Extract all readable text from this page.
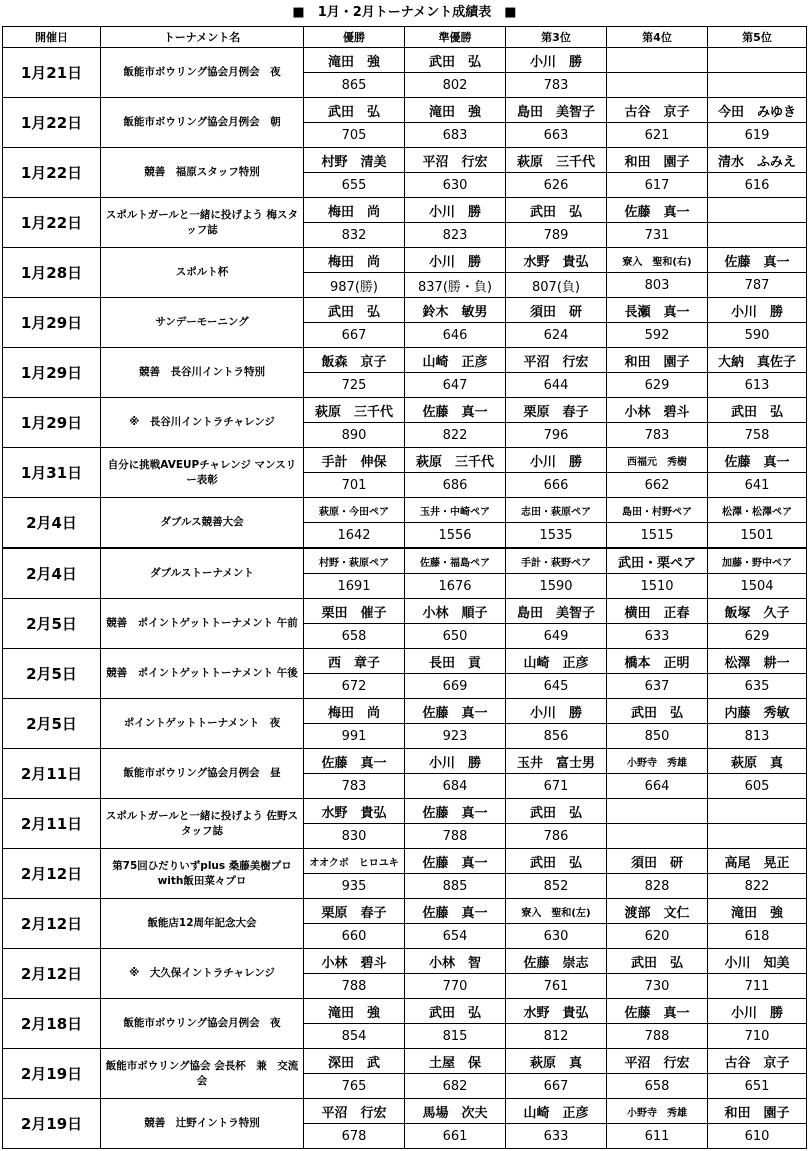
■　1月・2月トーナメント成績表　■
開催日	トーナメント名	優勝	準優勝	第3位	第4位	第5位
1月21日	飯能市ボウリング協会月例会　夜	滝田　強	武田　弘	小川　勝		
		865	802	783		
1月22日	飯能市ボウリング協会月例会　朝	武田　弘	滝田　強	島田　美智子	古谷　京子	今田　みゆき
		705	683	663	621	619
1月22日	競善　福原スタッフ特別	村野　清美	平沼　行宏	萩原　三千代	和田　園子	清水　ふみえ
		655	630	626	617	616
1月22日	スポルトガールと一緒に投げよう 梅スタッフ誌	梅田　尚	小川　勝	武田　弘	佐藤　真一	
		832	823	789	731	
1月28日	スポルト杯	梅田　尚	小川　勝	水野　貴弘	寮入　聖和(右)	佐藤　真一
		987(勝)	837(勝・負)	807(負)	803	787
1月29日	サンデーモーニング	武田　弘	鈴木　敏男	須田　研	長瀬　真一	小川　勝
		667	646	624	592	590
1月29日	競善　長谷川イントラ特別	飯森　京子	山崎　正彦	平沼　行宏	和田　園子	大納　真佐子
		725	647	644	629	613
1月29日	※　長谷川イントラチャレンジ	萩原　三千代	佐藤　真一	栗原　春子	小林　碧斗	武田　弘
		890	822	796	783	758
1月31日	自分に挑戦AVEUPチャレンジ マンスリー表彰	手計　伸保	萩原　三千代	小川　勝	西福元　秀樹	佐藤　真一
		701	686	666	662	641
2月4日	ダブルス競善大会	萩原・今田ペア	玉井・中崎ペア	志田・萩原ペア	島田・村野ペア	松澤・松澤ペア
		1642	1556	1535	1515	1501
2月4日	ダブルストーナメント	村野・萩原ペア	佐藤・福島ペア	手計・萩野ペア	武田・栗ペア	加藤・野中ペア
		1691	1676	1590	1510	1504
2月5日	競善　ポイントゲットトーナメント 午前	栗田　催子	小林　順子	島田　美智子	横田　正春	飯塚　久子
		658	650	649	633	629
2月5日	競善　ポイントゲットトーナメント 午後	西　章子	長田　貢	山崎　正彦	橋本　正明	松澤　耕一
		672	669	645	637	635
2月5日	ポイントゲットトーナメント　夜	梅田　尚	佐藤　真一	小川　勝	武田　弘	内藤　秀敏
		991	923	856	850	813
2月11日	飯能市ボウリング協会月例会　昼	佐藤　真一	小川　勝	玉井　富士男	小野寺　秀雄	萩原　真
		783	684	671	664	605
2月11日	スポルトガールと一緒に投げよう 佐野スタッフ誌	水野　貴弘	佐藤　真一	武田　弘		
		830	788	786		
2月12日	第75回ひだりいずplus 桑藤美樹プロwith飯田菜々プロ	オオクボ　ヒロユキ	佐藤　真一	武田　弘	須田　研	高尾　晃正
		935	885	852	828	822
2月12日	飯能店12周年記念大会	栗原　春子	佐藤　真一	寮入　聖和(左)	渡部　文仁	滝田　強
		660	654	630	620	618
2月12日	※　大久保イントラチャレンジ	小林　碧斗	小林　智	佐藤　崇志	武田　弘	小川　知美
		788	770	761	730	711
2月18日	飯能市ボウリング協会月例会　夜	滝田　強	武田　弘	水野　貴弘	佐藤　真一	小川　勝
		854	815	812	788	710
2月19日	飯能市ボウリング協会 会長杯　兼　交流会	深田　武	土屋　保	萩原　真	平沼　行宏	古谷　京子
		765	682	667	658	651
2月19日	競善　辻野イントラ特別	平沼　行宏	馬場　次夫	山崎　正彦	小野寺　秀雄	和田　園子
		678	661	633	611	610
